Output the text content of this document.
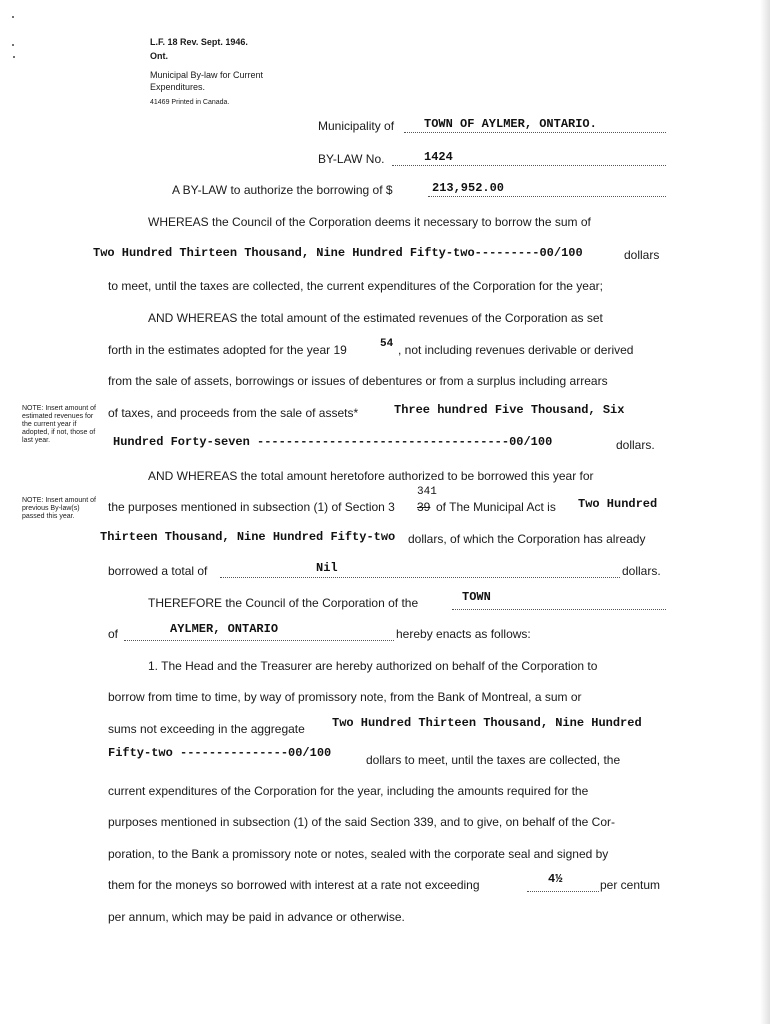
L.F. 18 Rev. Sept. 1946.
Ont.
Municipal By-law for Current
Expenditures.
41469 Printed in Canada.
Municipality of TOWN OF AYLMER, ONTARIO.
BY-LAW No.	1424
A BY-LAW to authorize the borrowing of $	213,952.00
WHEREAS the Council of the Corporation deems it necessary to borrow the sum of
Two Hundred Thirteen Thousand, Nine Hundred Fifty-two---------00/100	dollars
to meet, until the taxes are collected, the current expenditures of the Corporation for the year;
AND WHEREAS the total amount of the estimated revenues of the Corporation as set
forth in the estimates adopted for the year 19	54 , not including revenues derivable or derived
from the sale of assets, borrowings or issues of debentures or from a surplus including arrears
NOTE: Insert amount of estimated revenues for the current year if adopted, if not, those of last year.
of taxes, and proceeds from the sale of assets*	Three hundred Five Thousand, Six
Hundred Forty-seven -----------------------------------00/100	dollars.
AND WHEREAS the total amount heretofore authorized to be borrowed this year for
341
NOTE: Insert amount of previous By-law(s) passed this year.
the purposes mentioned in subsection (1) of Section 3 39 of The Municipal Act is Two Hundred
Thirteen Thousand, Nine Hundred Fifty-two dollars, of which the Corporation has already
borrowed a total of	Nil	dollars.
THEREFORE the Council of the Corporation of the	TOWN
of	AYLMER, ONTARIO	hereby enacts as follows:
1. The Head and the Treasurer are hereby authorized on behalf of the Corporation to
borrow from time to time, by way of promissory note, from the Bank of Montreal, a sum or
sums not exceeding in the aggregate Two Hundred Thirteen Thousand, Nine Hundred
Fifty-two ---------------00/100	dollars to meet, until the taxes are collected, the
current expenditures of the Corporation for the year, including the amounts required for the
purposes mentioned in subsection (1) of the said Section 339, and to give, on behalf of the Cor-
poration, to the Bank a promissory note or notes, sealed with the corporate seal and signed by
them for the moneys so borrowed with interest at a rate not exceeding	4½	per centum
per annum, which may be paid in advance or otherwise.
